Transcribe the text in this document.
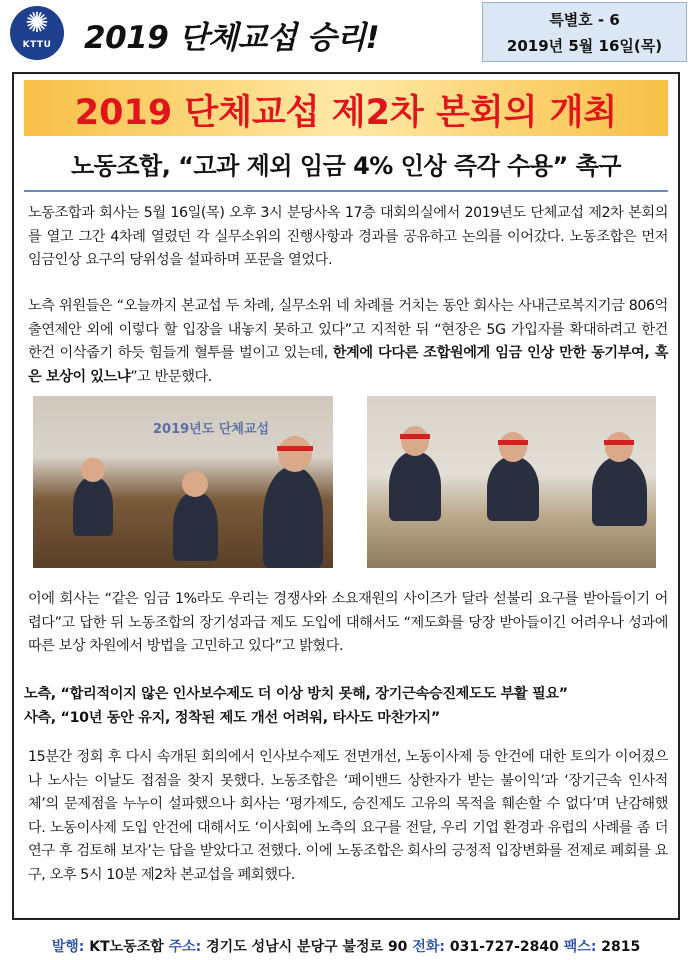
✺
KTTU	2019 단체교섭 승리!	특별호 - 6
2019년 5월 16일(목)
2019 단체교섭 제2차 본회의 개최
노동조합, “고과 제외 임금 4% 인상 즉각 수용” 촉구

노동조합과 회사는 5월 16일(목) 오후 3시 분당사옥 17층 대회의실에서 2019년도 단체교섭 제2차 본회의를 열고 그간 4차례 열렸던 각 실무소위의 진행사항과 경과를 공유하고 논의를 이어갔다. 노동조합은 먼저 임금인상 요구의 당위성을 설파하며 포문을 열었다.

노측 위원들은 “오늘까지 본교섭 두 차례, 실무소위 네 차례를 거치는 동안 회사는 사내근로복지기금 806억 출연제안 외에 이렇다 할 입장을 내놓지 못하고 있다”고 지적한 뒤 “현장은 5G 가입자를 확대하려고 한건 한건 이삭줍기 하듯 힘들게 혈투를 벌이고 있는데, 한계에 다다른 조합원에게 임금 인상 만한 동기부여, 혹은 보상이 있느냐”고 반문했다.

2019년도 단체교섭

이에 회사는 “같은 임금 1%라도 우리는 경쟁사와 소요재원의 사이즈가 달라 섣불리 요구를 받아들이기 어렵다”고 답한 뒤 노동조합의 장기성과급 제도 도입에 대해서도 “제도화를 당장 받아들이긴 어려우나 성과에 따른 보상 차원에서 방법을 고민하고 있다”고 밝혔다.

노측, “합리적이지 않은 인사보수제도 더 이상 방치 못해, 장기근속승진제도도 부활 필요”
사측, “10년 동안 유지, 정착된 제도 개선 어려워, 타사도 마찬가지”

15분간 정회 후 다시 속개된 회의에서 인사보수제도 전면개선, 노동이사제 등 안건에 대한 토의가 이어졌으나 노사는 이날도 접점을 찾지 못했다. 노동조합은 ‘페이밴드 상한자가 받는 불이익’과 ‘장기근속 인사적체’의 문제점을 누누이 설파했으나 회사는 ‘평가제도, 승진제도 고유의 목적을 훼손할 수 없다’며 난감해했다. 노동이사제 도입 안건에 대해서도 ‘이사회에 노측의 요구를 전달, 우리 기업 환경과 유럽의 사례를 좀 더 연구 후 검토해 보자’는 답을 받았다고 전했다. 이에 노동조합은 회사의 긍정적 입장변화를 전제로 폐회를 요구, 오후 5시 10분 제2차 본교섭을 폐회했다.

발행: KT노동조합 주소: 경기도 성남시 분당구 불정로 90 전화: 031-727-2840 팩스: 2815
